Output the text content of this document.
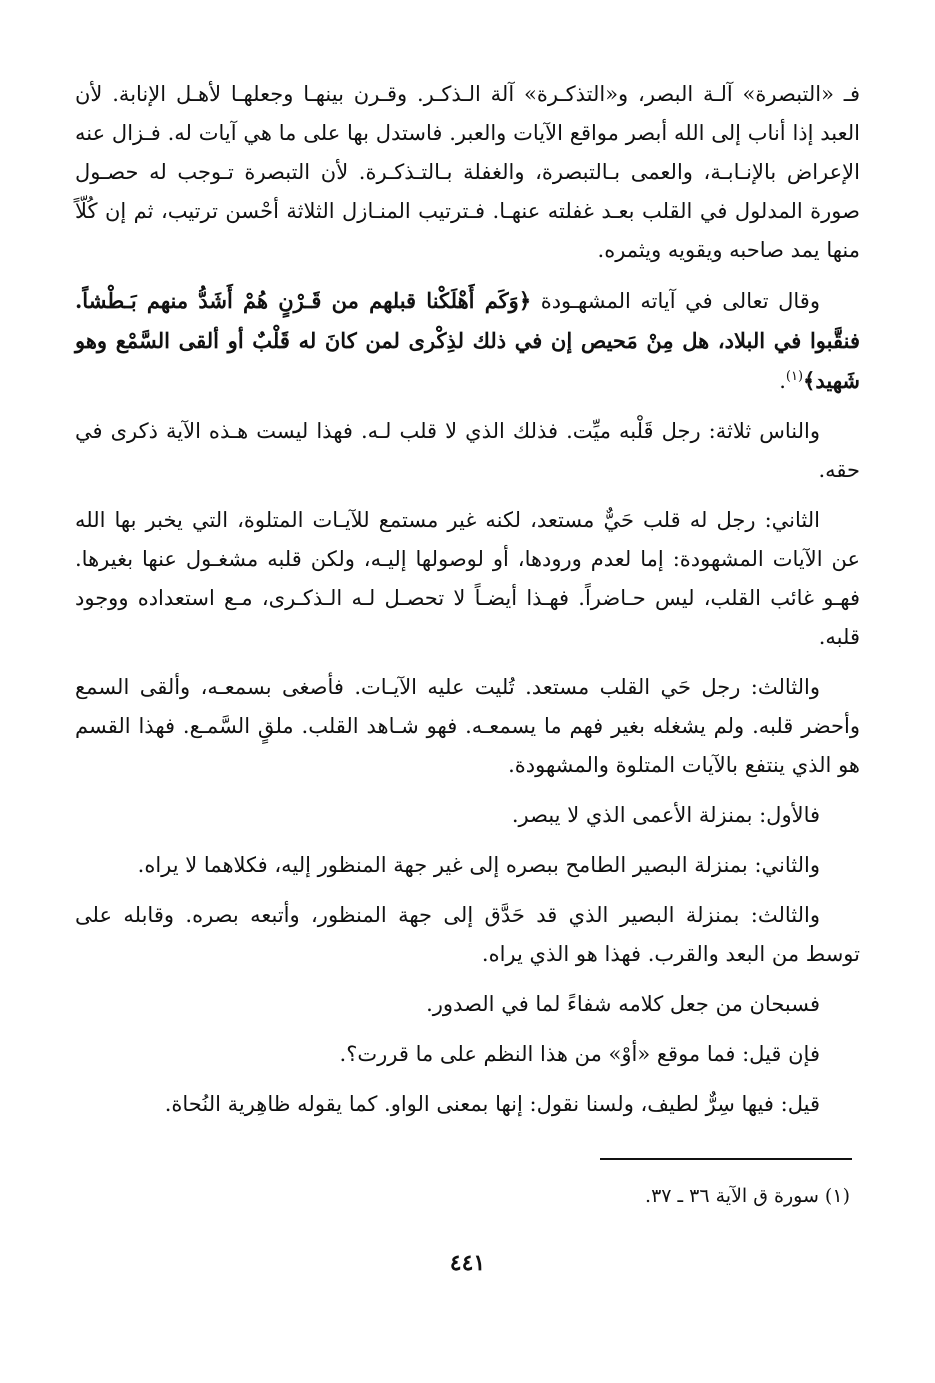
فـ «التبصرة» آلـة البصر، و«التذكـرة» آلة الـذكـر. وقـرن بينهـا وجعلهـا لأهـل الإنابة. لأن العبد إذا أناب إلى الله أبصر مواقع الآيات والعبر. فاستدل بها على ما هي آيات له. فـزال عنه الإعراض بالإنـابـة، والعمى بـالتبصرة، والغفلة بـالتـذكـرة. لأن التبصرة تـوجب له حصـول صورة المدلول في القلب بعـد غفلته عنهـا. فـترتيب المنـازل الثلاثة أحْسن ترتيب، ثم إن كُلّاً منها يمد صاحبه ويقويه ويثمره.

وقال تعالى في آياته المشهـودة ﴿وَكَم أَهْلَكْنا قبلهم من قَـرْنٍ هُمْ أَشَدُّ منهم بَـطْشاً. فنقَّبوا في البلاد، هل مِنْ مَحيص إن في ذلك لذِكْرى لمن كانَ له قَلْبٌ أو ألقى السَّمْع وهو شَهيد﴾$^{(١)}$.

والناس ثلاثة: رجل قَلْبه ميِّت. فذلك الذي لا قلب لـه. فهذا ليست هـذه الآية ذكرى في حقه.

الثاني: رجل له قلب حَيٌّ مستعد، لكنه غير مستمع للآيـات المتلوة، التي يخبر بها الله عن الآيات المشهودة: إما لعدم ورودها، أو لوصولها إليـه، ولكن قلبه مشغـول عنها بغيرها. فهـو غائب القلب، ليس حـاضراً. فهـذا أيضـاً لا تحصـل لـه الـذكـرى، مـع استعداده ووجود قلبه.

والثالث: رجل حَي القلب مستعد. تُليت عليه الآيـات. فأصغى بسمعـه، وألقى السمع وأحضر قلبه. ولم يشغله بغير فهم ما يسمعـه. فهو شـاهد القلب. ملقٍ السَّمـع. فهذا القسم هو الذي ينتفع بالآيات المتلوة والمشهودة.

فالأول: بمنزلة الأعمى الذي لا يبصر.

والثاني: بمنزلة البصير الطامح ببصره إلى غير جهة المنظور إليه، فكلاهما لا يراه.

والثالث: بمنزلة البصير الذي قد حَدَّق إلى جهة المنظور، وأتبعه بصره. وقابله على توسط من البعد والقرب. فهذا هو الذي يراه.

فسبحان من جعل كلامه شفاءً لما في الصدور.

فإن قيل: فما موقع «أوْ» من هذا النظم على ما قررت؟.

قيل: فيها سِرٌّ لطيف، ولسنا نقول: إنها بمعنى الواو. كما يقوله ظاهِرية النُحاة.

(١) سورة ق الآية ٣٦ ـ ٣٧.
٤٤١
